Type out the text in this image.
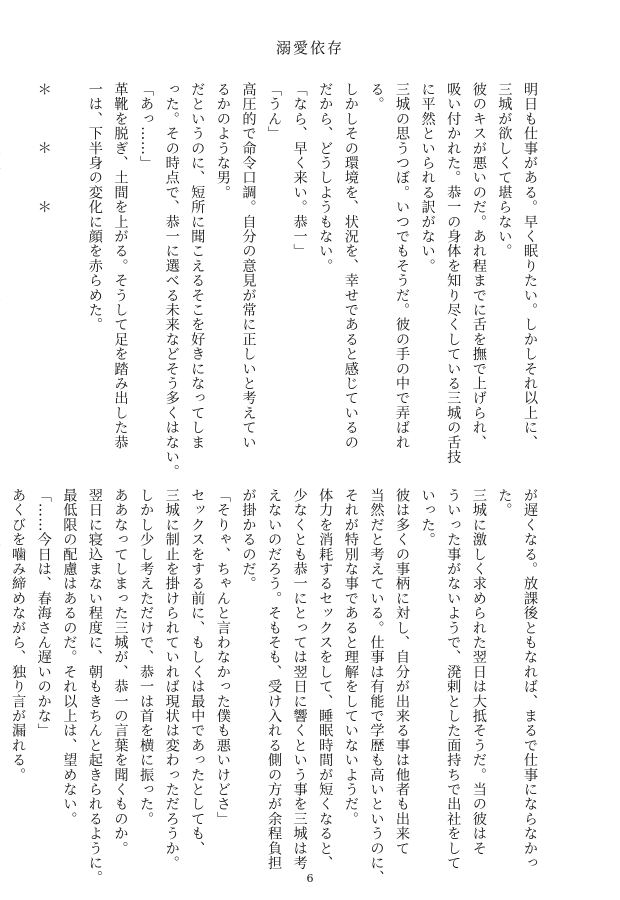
溺愛依存

明日も仕事がある。早く眠りたい。しかしそれ以上に、

三城が欲しくて堪らない。

彼のキスが悪いのだ。あれ程までに舌を撫で上げられ、

吸い付かれた。恭一の身体を知り尽くしている三城の舌技

に平然といられる訳がない。

三城の思うつぼ。いつでもそうだ。彼の手の中で弄ばれ

る。

しかしその環境を、状況を、幸せであると感じているの

だから、どうしようもない。

「なら、早く来い。恭一」

「うん」

高圧的で命令口調。自分の意見が常に正しいと考えてい

るかのような男。

だというのに、短所に聞こえるそこを好きになってしま

った。その時点で、恭一に選べる未来などそう多くはない。

「あっ……」

革靴を脱ぎ、土間を上がる。そうして足を踏み出した恭

一は、下半身の変化に顔を赤らめた。

＊　　　＊　　　＊

が遅くなる。放課後ともなれば、まるで仕事にならなかっ

た。

三城に激しく求められた翌日は大抵そうだ。当の彼はそ

ういった事がないようで、溌剌とした面持ちで出社をして

いった。

彼は多くの事柄に対し、自分が出来る事は他者も出来て

当然だと考えている。仕事は有能で学歴も高いというのに、

それが特別な事であると理解をしていないようだ。

体力を消耗するセックスをして、睡眠時間が短くなると、

少なくとも恭一にとっては翌日に響くという事を三城は考

えないのだろう。そもそも、受け入れる側の方が余程負担

が掛かるのだ。

「そりゃ、ちゃんと言わなかった僕も悪いけどさ」

セックスをする前に、もしくは最中であったとしても、

三城に制止を掛けられていれば現状は変わっただろうか。

しかし少し考えただけで、恭一は首を横に振った。

ああなってしまった三城が、恭一の言葉を聞くものか。

翌日に寝込まない程度に、朝もきちんと起きられるように。

最低限の配慮はあるのだ。それ以上は、望めない。

「……今日は、春海さん遅いのかな」

あくびを噛み締めながら、独り言が漏れる。

6
